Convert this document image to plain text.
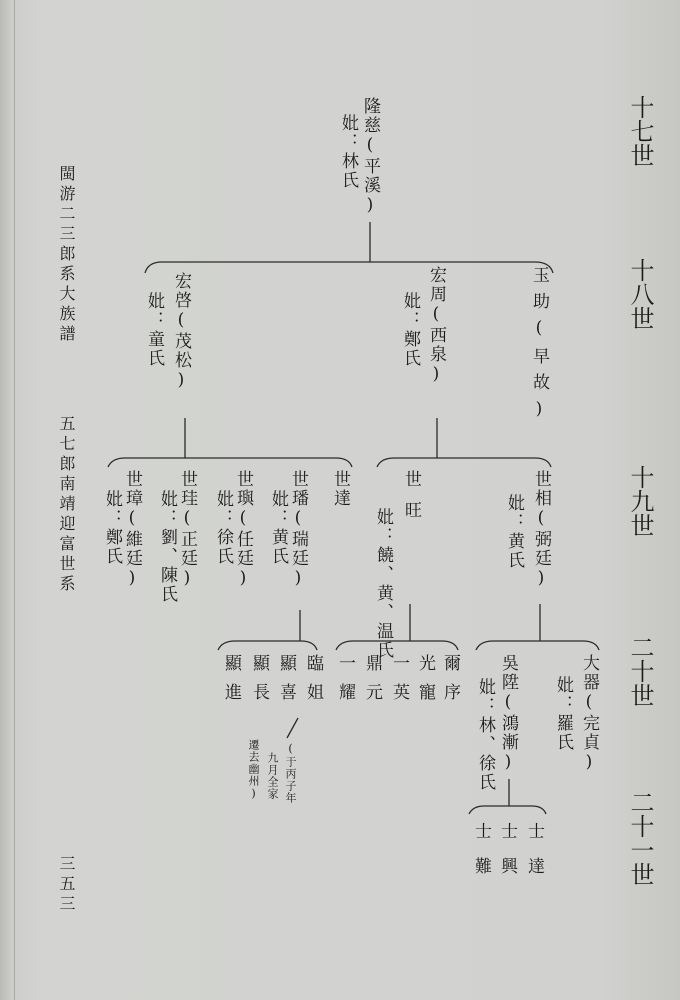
閩游二三郎系大族譜
五七郎南靖迎富世系
三五三
十七世
十八世
十九世
二十世
二十一世
隆慈(平溪)
妣：林氏
宏啓(茂松)
妣：童氏	宏周(西泉)
妣：鄭氏	玉助(早故)
世璋(維廷)
妣：鄭氏	世珪(正廷)
妣：劉、陳氏	世璵(任廷)
妣：徐氏	世璠(瑞廷)
妣：黄氏
世達	世旺
妣：饒、黄、温氏	世相(弼廷)
妣：黄氏
顯進 顯長 顯喜 臨姐
(于丙子年
九月全家
遷去幽州)
一耀 鼎元 一英 光寵 爾序 吳陞(鴻漸)
妣：林、徐氏	大器(完貞)
妣：羅氏
士難 士興 士達
